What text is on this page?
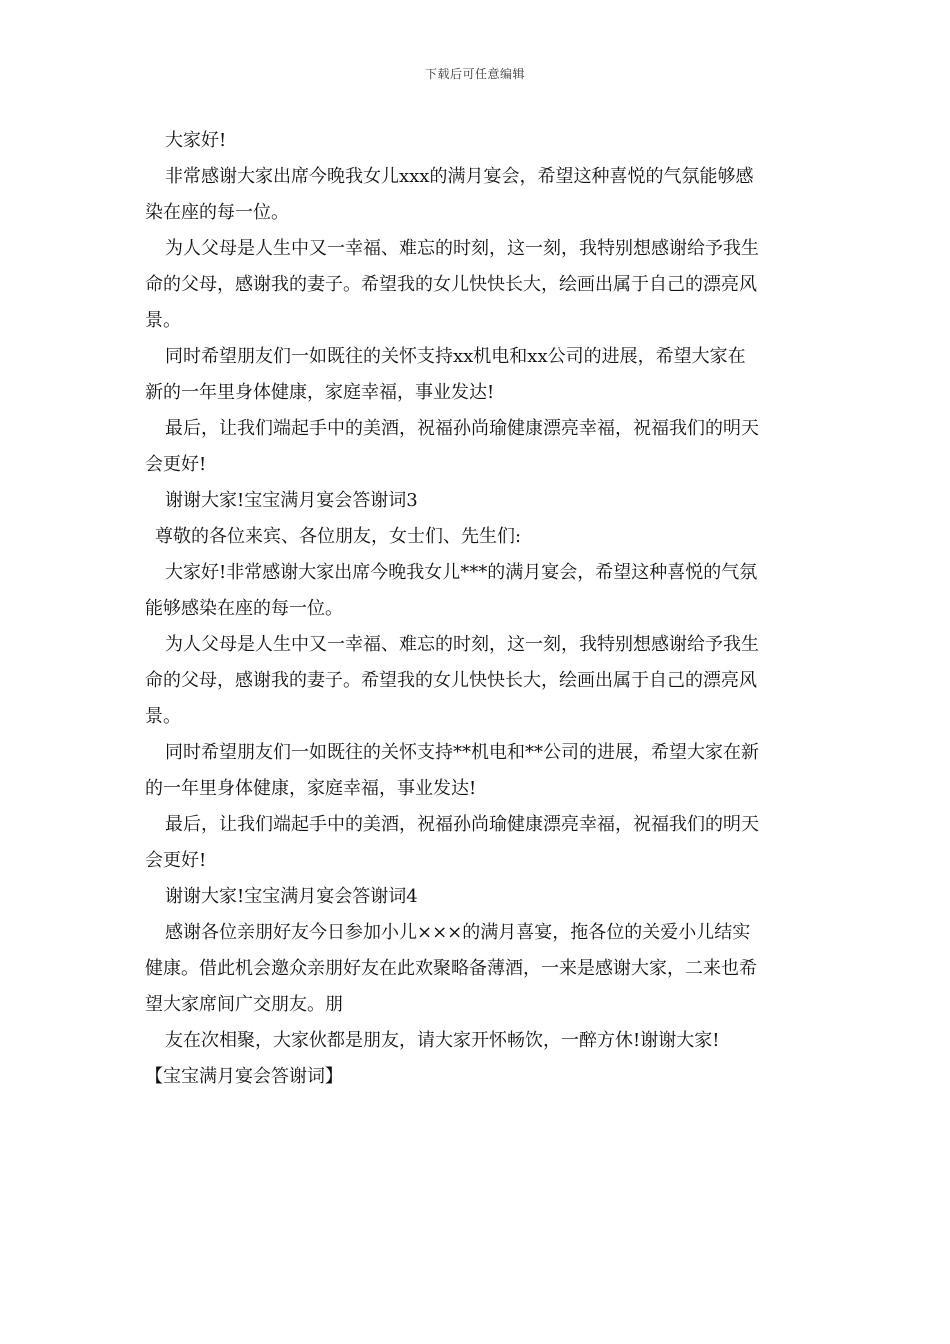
下载后可任意编辑
大家好!
非常感谢大家出席今晚我女儿xxx的满月宴会，希望这种喜悦的气氛能够感
染在座的每一位。
为人父母是人生中又一幸福、难忘的时刻，这一刻，我特别想感谢给予我生
命的父母，感谢我的妻子。希望我的女儿快快长大，绘画出属于自己的漂亮风
景。
同时希望朋友们一如既往的关怀支持xx机电和xx公司的进展，希望大家在
新的一年里身体健康，家庭幸福，事业发达!
最后，让我们端起手中的美酒，祝福孙尚瑜健康漂亮幸福，祝福我们的明天
会更好!
谢谢大家!宝宝满月宴会答谢词3
尊敬的各位来宾、各位朋友，女士们、先生们:
大家好!非常感谢大家出席今晚我女儿***的满月宴会，希望这种喜悦的气氛
能够感染在座的每一位。
为人父母是人生中又一幸福、难忘的时刻，这一刻，我特别想感谢给予我生
命的父母，感谢我的妻子。希望我的女儿快快长大，绘画出属于自己的漂亮风
景。
同时希望朋友们一如既往的关怀支持**机电和**公司的进展，希望大家在新
的一年里身体健康，家庭幸福，事业发达!
最后，让我们端起手中的美酒，祝福孙尚瑜健康漂亮幸福，祝福我们的明天
会更好!
谢谢大家!宝宝满月宴会答谢词4
感谢各位亲朋好友今日参加小儿×××的满月喜宴，拖各位的关爱小儿结实
健康。借此机会邀众亲朋好友在此欢聚略备薄酒，一来是感谢大家，二来也希
望大家席间广交朋友。朋
友在次相聚，大家伙都是朋友，请大家开怀畅饮，一醉方休!谢谢大家!
【宝宝满月宴会答谢词】
